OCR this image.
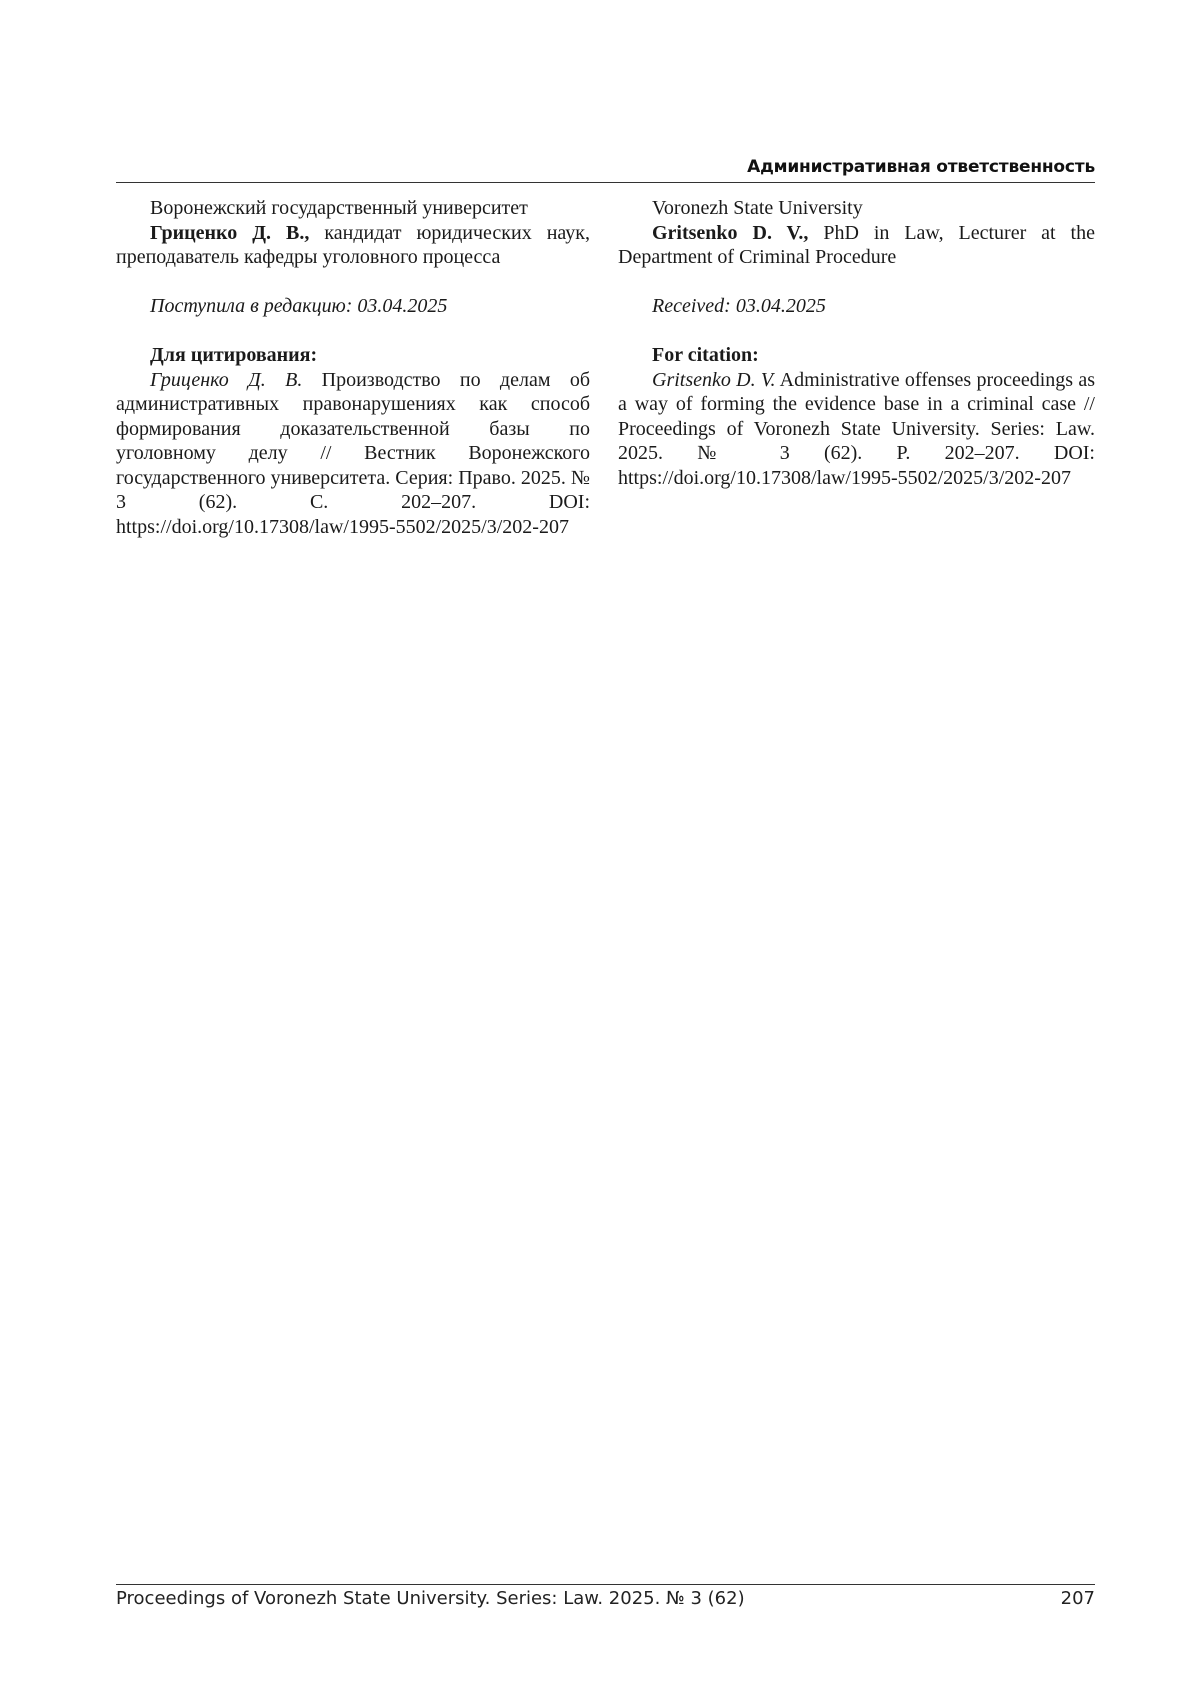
Административная ответственность

Воронежский государственный университет

Гриценко Д. В., кандидат юридических наук, преподаватель кафедры уголовного процесса

Поступила в редакцию: 03.04.2025

Для цитирования:

Гриценко Д. В. Производство по делам об административных правонарушениях как способ формирования доказательственной базы по уголовному делу // Вестник Воронежского государственного университета. Серия: Право. 2025. № 3 (62). С. 202–207. DOI: https://doi.org/10.17308/law/1995-5502/2025/3/202-207

Voronezh State University

Gritsenko D. V., PhD in Law, Lecturer at the Department of Criminal Procedure

Received: 03.04.2025

For citation:

Gritsenko D. V. Administrative offenses proceedings as a way of forming the evidence base in a criminal case // Proceedings of Voronezh State University. Series: Law. 2025. № 3 (62). P. 202–207. DOI: https://doi.org/10.17308/law/1995-5502/2025/3/202-207

Proceedings of Voronezh State University. Series: Law. 2025. № 3 (62)	207
